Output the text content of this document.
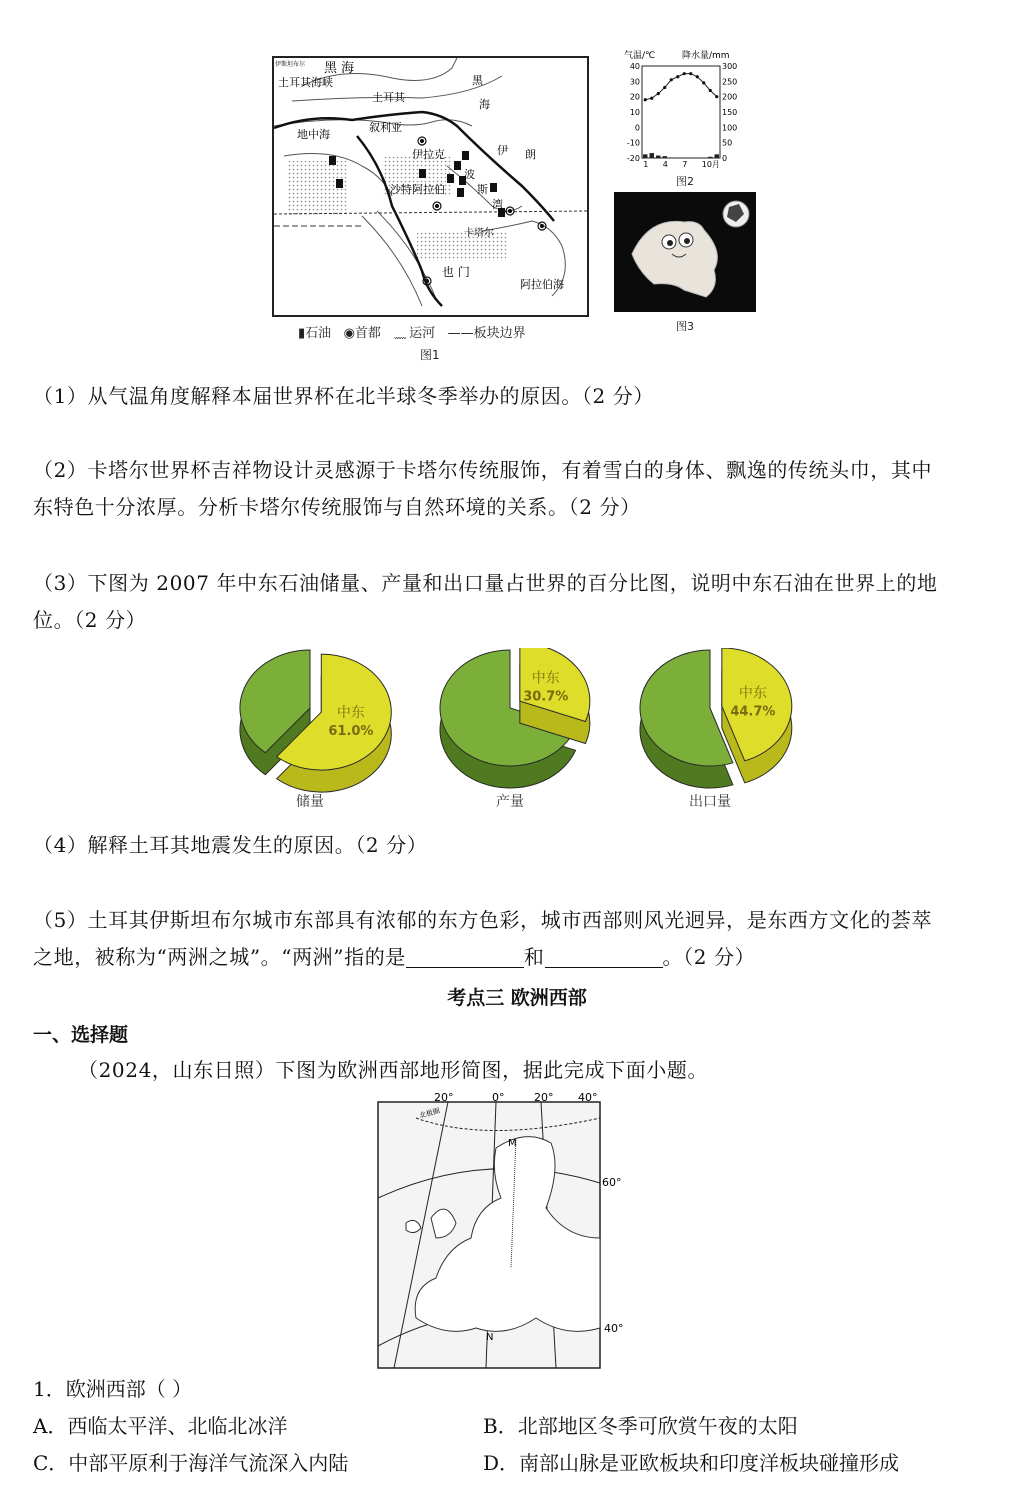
伊斯坦布尔 黑 海
土耳其海峡
土耳其
黑
海
地中海
叙利亚
伊拉克	伊 朗
波
斯
湾
沙特阿拉伯
卡塔尔
也 门
阿拉伯海
▮石油 ◉首都 ˯˯˯˯˯ 运河 ——板块边界
图1
气温/℃	降水量/mm
40
30
20
10
0
-10
-20
300
250
200
150
100
50
0
1 4 7 10月
图2
图3
（1）从气温角度解释本届世界杯在北半球冬季举办的原因。（2 分）
（2）卡塔尔世界杯吉祥物设计灵感源于卡塔尔传统服饰，有着雪白的身体、飘逸的传统头巾，其中
东特色十分浓厚。分析卡塔尔传统服饰与自然环境的关系。（2 分）
（3）下图为 2007 年中东石油储量、产量和出口量占世界的百分比图，说明中东石油在世界上的地
位。（2 分）
中东
61.0%
储量
中东
30.7%
产量
中东
44.7%
出口量
（4）解释土耳其地震发生的原因。（2 分）
（5）土耳其伊斯坦布尔城市东部具有浓郁的东方色彩，城市西部则风光迥异，是东西方文化的荟萃
之地，被称为“两洲之城”。“两洲”指的是	和	。（2 分）
考点三 欧洲西部
一、选择题
（2024，山东日照）下图为欧洲西部地形简图，据此完成下面小题。
20°	0°	20° 40°
60°
40°
北极圈
M
N
1．欧洲西部（ ）
A．西临太平洋、北临北冰洋	B．北部地区冬季可欣赏午夜的太阳
C．中部平原利于海洋气流深入内陆	D．南部山脉是亚欧板块和印度洋板块碰撞形成
